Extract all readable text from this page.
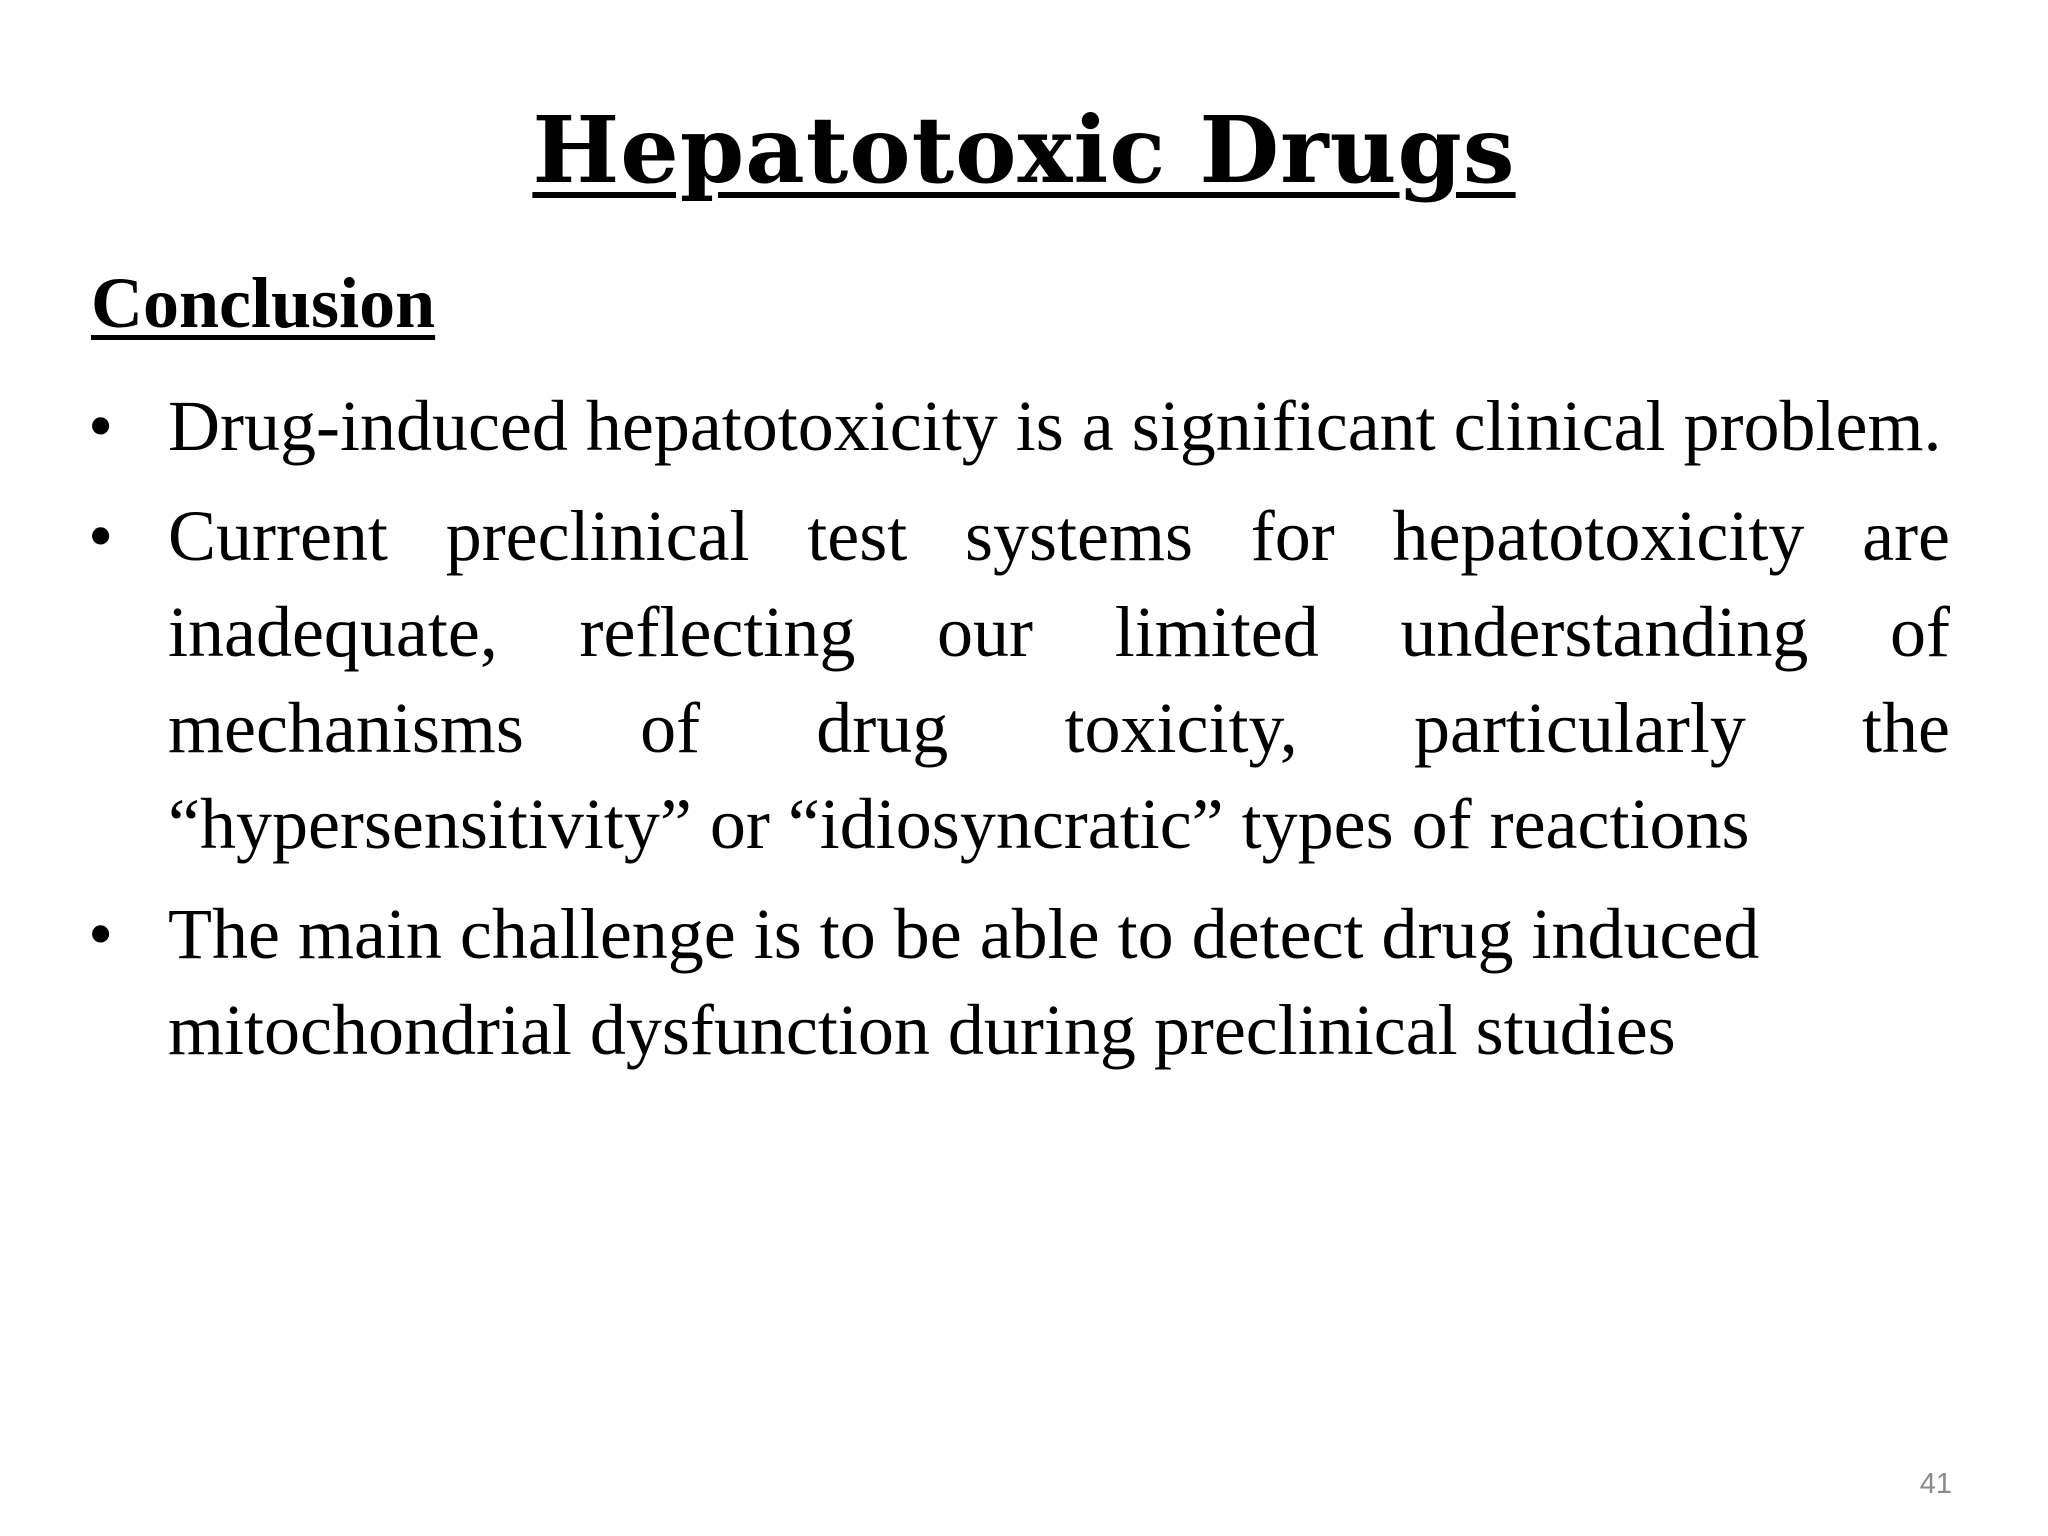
Hepatotoxic Drugs
Conclusion
• Drug-induced hepatotoxicity is a significant clinical problem.
• Current preclinical test systems for hepatotoxicity are inadequate, reflecting our limited understanding of mechanisms of drug toxicity, particularly the “hypersensitivity” or “idiosyncratic” types of reactions
• The main challenge is to be able to detect drug induced mitochondrial dysfunction during preclinical studies
41
